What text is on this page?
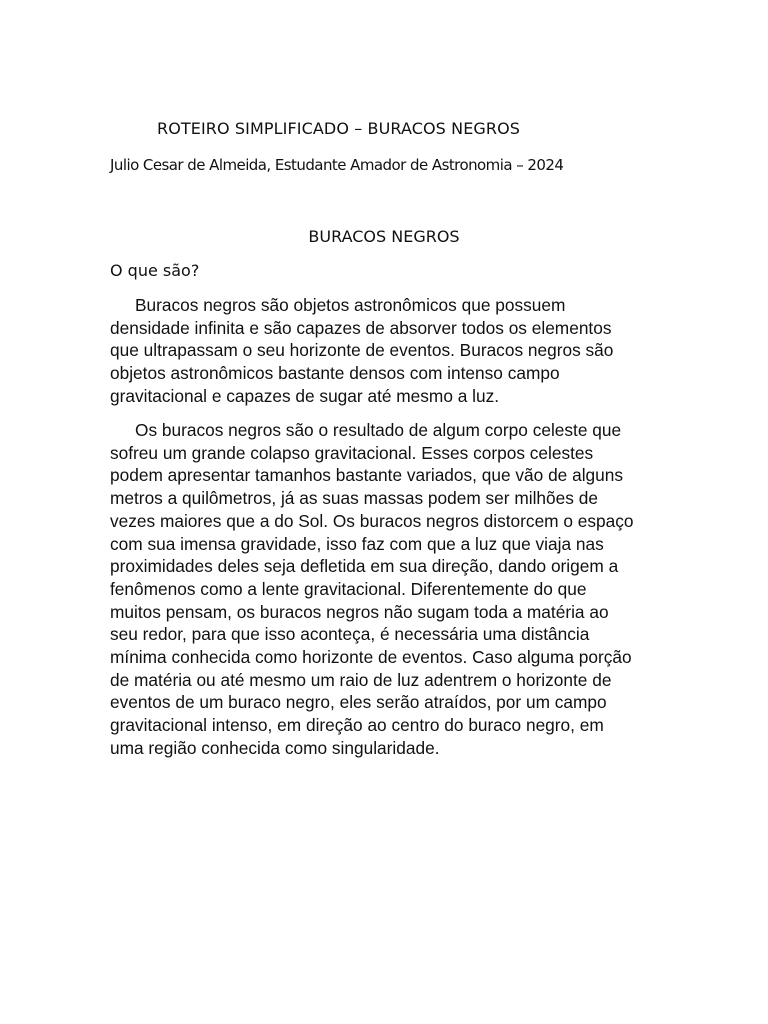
ROTEIRO SIMPLIFICADO – BURACOS NEGROS
Julio Cesar de Almeida, Estudante Amador de Astronomia – 2024
BURACOS NEGROS
O que são?

Buracos negros são objetos astronômicos que possuem
densidade infinita e são capazes de absorver todos os elementos
que ultrapassam o seu horizonte de eventos. Buracos negros são
objetos astronômicos bastante densos com intenso campo
gravitacional e capazes de sugar até mesmo a luz.

Os buracos negros são o resultado de algum corpo celeste que
sofreu um grande colapso gravitacional. Esses corpos celestes
podem apresentar tamanhos bastante variados, que vão de alguns
metros a quilômetros, já as suas massas podem ser milhões de
vezes maiores que a do Sol. Os buracos negros distorcem o espaço
com sua imensa gravidade, isso faz com que a luz que viaja nas
proximidades deles seja defletida em sua direção, dando origem a
fenômenos como a lente gravitacional. Diferentemente do que
muitos pensam, os buracos negros não sugam toda a matéria ao
seu redor, para que isso aconteça, é necessária uma distância
mínima conhecida como horizonte de eventos. Caso alguma porção
de matéria ou até mesmo um raio de luz adentrem o horizonte de
eventos de um buraco negro, eles serão atraídos, por um campo
gravitacional intenso, em direção ao centro do buraco negro, em
uma região conhecida como singularidade.
